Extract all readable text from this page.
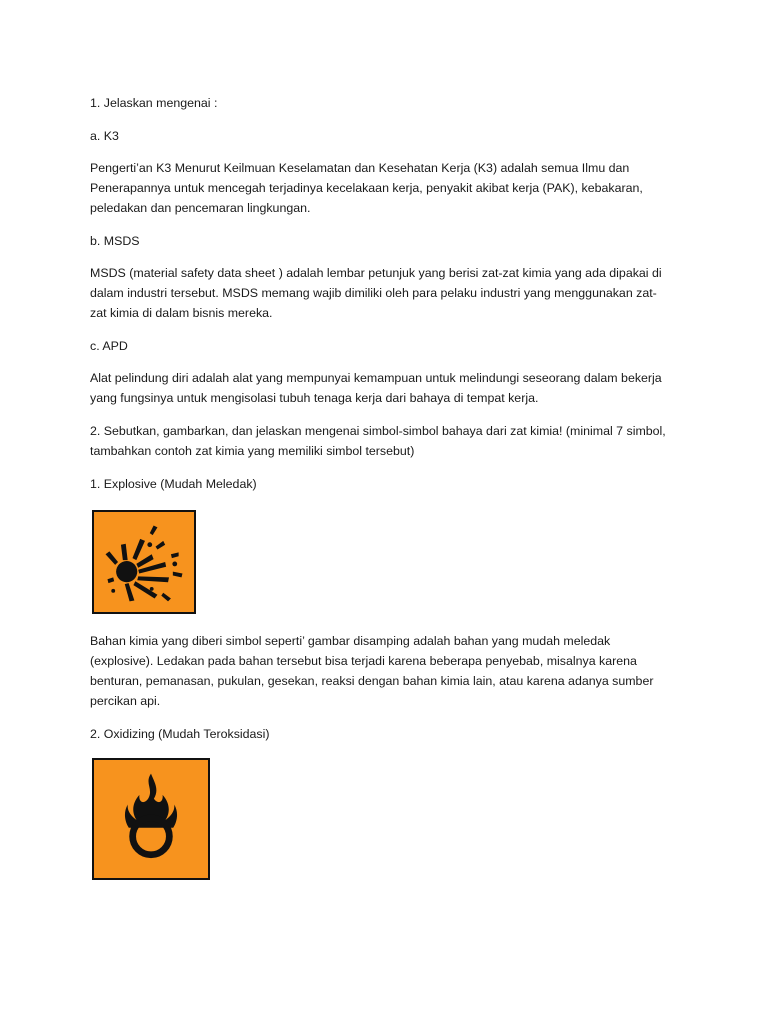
1. Jelaskan mengenai :

a. K3

Pengerti’an K3 Menurut Keilmuan Keselamatan dan Kesehatan Kerja (K3) adalah semua Ilmu dan

Penerapannya untuk mencegah terjadinya kecelakaan kerja, penyakit akibat kerja (PAK), kebakaran,

peledakan dan pencemaran lingkungan.

b. MSDS

MSDS (material safety data sheet ) adalah lembar petunjuk yang berisi zat-zat kimia yang ada dipakai di

dalam industri tersebut. MSDS memang wajib dimiliki oleh para pelaku industri yang menggunakan zat-

zat kimia di dalam bisnis mereka.

c. APD

Alat pelindung diri adalah alat yang mempunyai kemampuan untuk melindungi seseorang dalam bekerja

yang fungsinya untuk mengisolasi tubuh tenaga kerja dari bahaya di tempat kerja.

2. Sebutkan, gambarkan, dan jelaskan mengenai simbol-simbol bahaya dari zat kimia! (minimal 7 simbol,

tambahkan contoh zat kimia yang memiliki simbol tersebut)

1. Explosive (Mudah Meledak)

Bahan kimia yang diberi simbol seperti’ gambar disamping adalah bahan yang mudah meledak

(explosive). Ledakan pada bahan tersebut bisa terjadi karena beberapa penyebab, misalnya karena

benturan, pemanasan, pukulan, gesekan, reaksi dengan bahan kimia lain, atau karena adanya sumber

percikan api.

2. Oxidizing (Mudah Teroksidasi)
